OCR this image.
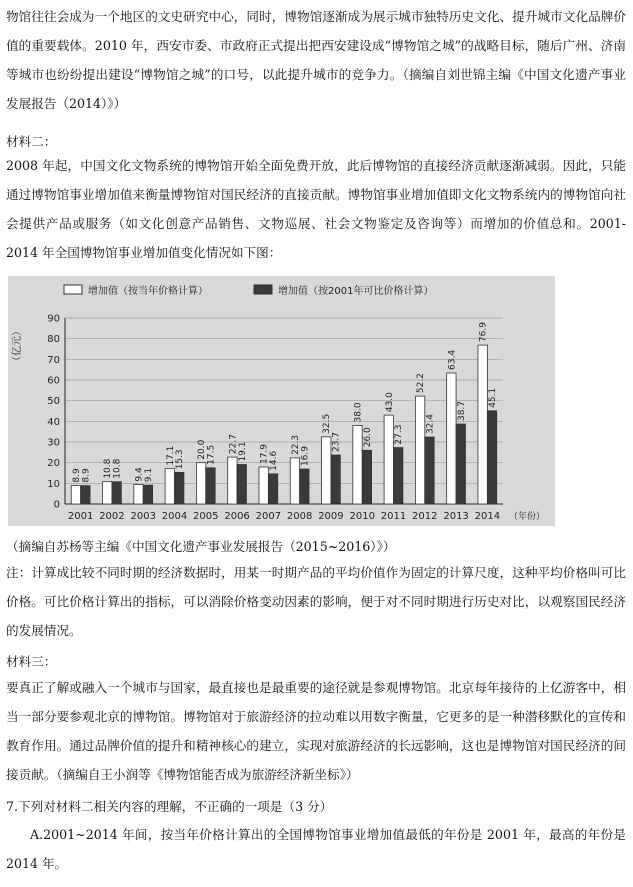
物馆往往会成为一个地区的文史研究中心，同时，博物馆逐渐成为展示城市独特历史文化、提升城市文化品牌价值的重要载体。2010 年，西安市委、市政府正式提出把西安建设成“博物馆之城”的战略目标，随后广州、济南等城市也纷纷提出建设“博物馆之城”的口号，以此提升城市的竞争力。（摘编自刘世锦主编《中国文化遗产事业发展报告（2014）》）
材料二：
2008 年起，中国文化文物系统的博物馆开始全面免费开放，此后博物馆的直接经济贡献逐渐减弱。因此，只能通过博物馆事业增加值来衡量博物馆对国民经济的直接贡献。博物馆事业增加值即文化文物系统内的博物馆向社会提供产品或服务（如文化创意产品销售、文物巡展、社会文物鉴定及咨询等）而增加的价值总和。2001-2014 年全国博物馆事业增加值变化情况如下图：
增加值（按当年价格计算）	增加值（按2001年可比价格计算）
（亿元）
0
10
20
30
40
50
60
70
80
90
8.9 8.9
2001
10.8 10.8
2002
9.4 9.1
2003
17.1 15.3
2004
20.0 17.5
2005
22.7 19.1
2006
17.9 14.6
2007
22.3
16.9
2008
32.5
23.7
2009
38.0
26.0
2010
43.0
27.3
2011
52.2
32.4
2012
63.4
38.7
2013
76.9
45.1
2014 （年份）
（摘编自苏杨等主编《中国文化遗产事业发展报告（2015~2016）》）
注：计算成比较不同时期的经济数据时，用某一时期产品的平均价值作为固定的计算尺度，这种平均价格叫可比价格。可比价格计算出的指标，可以消除价格变动因素的影响，便于对不同时期进行历史对比，以观察国民经济的发展情况。
材料三：
要真正了解或融入一个城市与国家，最直接也是最重要的途径就是参观博物馆。北京每年接待的上亿游客中，相当一部分要参观北京的博物馆。博物馆对于旅游经济的拉动难以用数字衡量，它更多的是一种潜移默化的宣传和教育作用。通过品牌价值的提升和精神核心的建立，实现对旅游经济的长远影响，这也是博物馆对国民经济的间接贡献。（摘编自王小润等《博物馆能否成为旅游经济新坐标》）
7.下列对材料二相关内容的理解，不正确的一项是（3 分）
A.2001~2014 年间，按当年价格计算出的全国博物馆事业增加值最低的年份是 2001 年，最高的年份是 2014 年。
